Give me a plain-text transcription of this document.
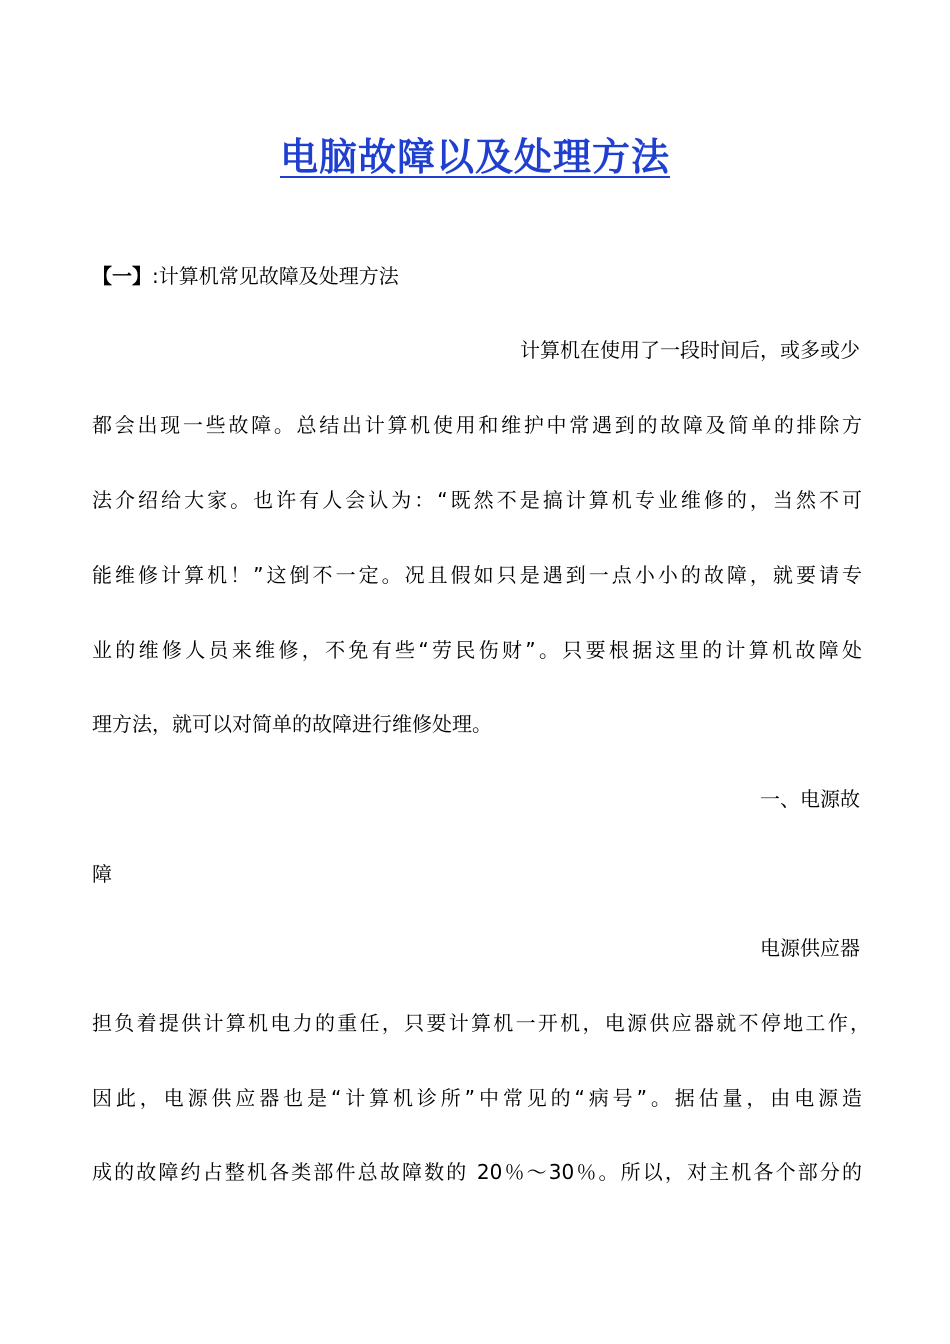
电脑故障以及处理方法
【一】:计算机常见故障及处理方法
计算机在使用了一段时间后，或多或少
都会出现一些故障。总结出计算机使用和维护中常遇到的故障及简单的排除方
法介绍给大家。也许有人会认为：“既然不是搞计算机专业维修的，当然不可
能维修计算机！”这倒不一定。况且假如只是遇到一点小小的故障，就要请专
业的维修人员来维修，不免有些“劳民伤财”。只要根据这里的计算机故障处
理方法，就可以对简单的故障进行维修处理。
一、电源故
障
电源供应器
担负着提供计算机电力的重任，只要计算机一开机，电源供应器就不停地工作，
因此，电源供应器也是“计算机诊所”中常见的“病号”。据估量，由电源造
成的故障约占整机各类部件总故障数的 20％～30％。所以，对主机各个部分的
